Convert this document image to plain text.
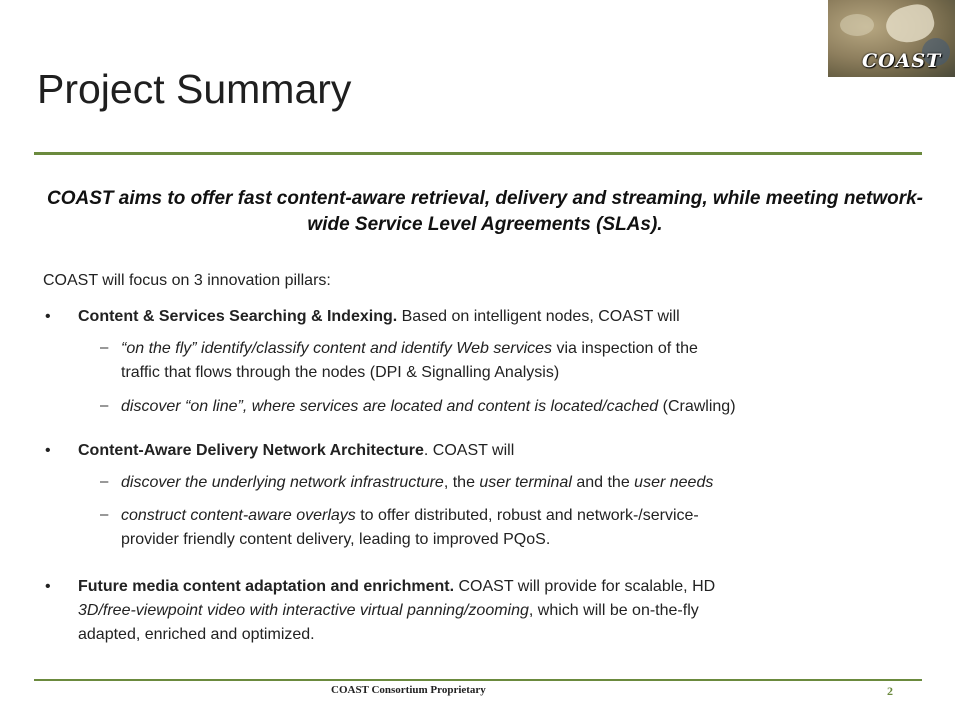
COAST
Project Summary
COAST aims to offer fast content-aware retrieval, delivery and streaming, while meeting network-wide Service Level Agreements (SLAs).
COAST will focus on 3 innovation pillars:
• Content & Services Searching & Indexing. Based on intelligent nodes, COAST will
– “on the fly” identify/classify content and identify Web services via inspection of the
traffic that flows through the nodes (DPI & Signalling Analysis)
– discover “on line”, where services are located and content is located/cached (Crawling)
• Content-Aware Delivery Network Architecture. COAST will
– discover the underlying network infrastructure, the user terminal and the user needs
– construct content-aware overlays to offer distributed, robust and network-/service-
provider friendly content delivery, leading to improved PQoS.
• Future media content adaptation and enrichment. COAST will provide for scalable, HD
3D/free-viewpoint video with interactive virtual panning/zooming, which will be on-the-fly
adapted, enriched and optimized.
COAST Consortium Proprietary	2
